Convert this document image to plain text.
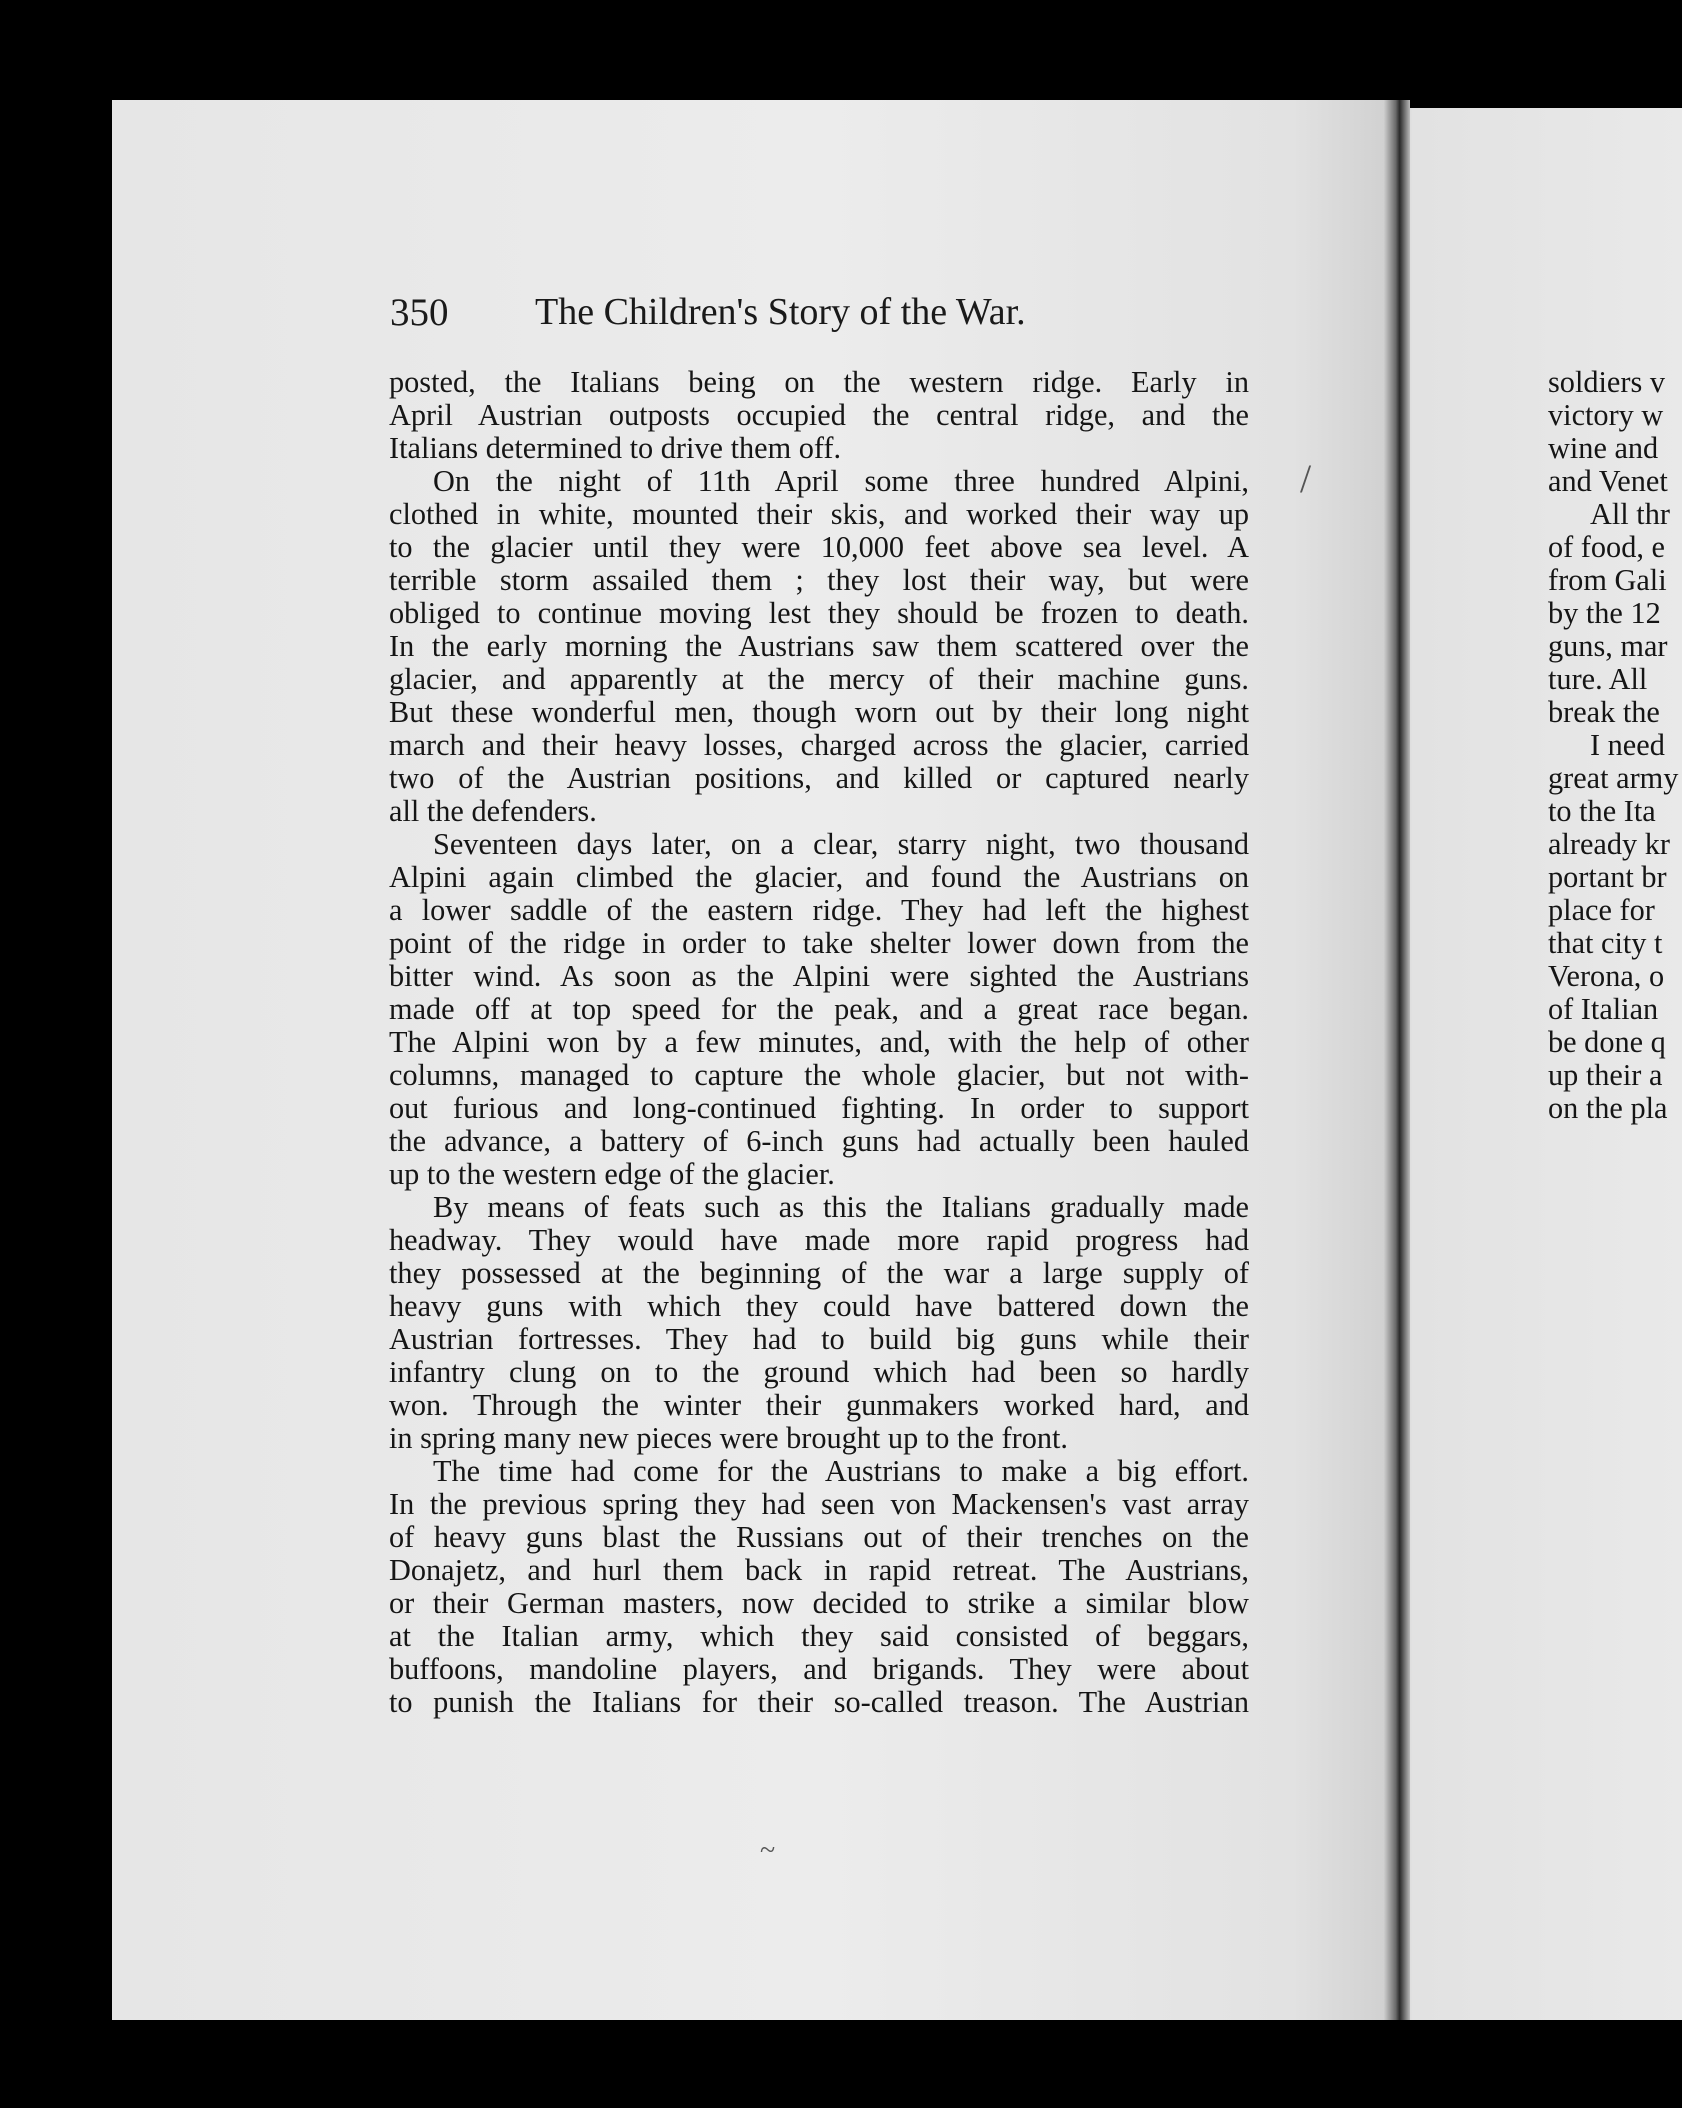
350 The Children's Story of the War.
posted, the Italians being on the western ridge. Early in
April Austrian outposts occupied the central ridge, and the
Italians determined to drive them off.
On the night of 11th April some three hundred Alpini,
clothed in white, mounted their skis, and worked their way up
to the glacier until they were 10,000 feet above sea level. A
terrible storm assailed them ; they lost their way, but were
obliged to continue moving lest they should be frozen to death.
In the early morning the Austrians saw them scattered over the
glacier, and apparently at the mercy of their machine guns.
But these wonderful men, though worn out by their long night
march and their heavy losses, charged across the glacier, carried
two of the Austrian positions, and killed or captured nearly
all the defenders.
Seventeen days later, on a clear, starry night, two thousand
Alpini again climbed the glacier, and found the Austrians on
a lower saddle of the eastern ridge. They had left the highest
point of the ridge in order to take shelter lower down from the
bitter wind. As soon as the Alpini were sighted the Austrians
made off at top speed for the peak, and a great race began.
The Alpini won by a few minutes, and, with the help of other
columns, managed to capture the whole glacier, but not with-
out furious and long-continued fighting. In order to support
the advance, a battery of 6-inch guns had actually been hauled
up to the western edge of the glacier.
By means of feats such as this the Italians gradually made
headway. They would have made more rapid progress had
they possessed at the beginning of the war a large supply of
heavy guns with which they could have battered down the
Austrian fortresses. They had to build big guns while their
infantry clung on to the ground which had been so hardly
won. Through the winter their gunmakers worked hard, and
in spring many new pieces were brought up to the front.
The time had come for the Austrians to make a big effort.
In the previous spring they had seen von Mackensen's vast array
of heavy guns blast the Russians out of their trenches on the
Donajetz, and hurl them back in rapid retreat. The Austrians,
or their German masters, now decided to strike a similar blow
at the Italian army, which they said consisted of beggars,
buffoons, mandoline players, and brigands. They were about
to punish the Italians for their so-called treason. The Austrian
soldiers v
victory w
wine and
and Venet
All thr
of food, e
from Gali
by the 12
guns, mar
ture. All
break the
I need
great army
to the Ita
already kr
portant br
place for
that city t
Verona, o
of Italian
be done q
up their a
on the pla
/
~
